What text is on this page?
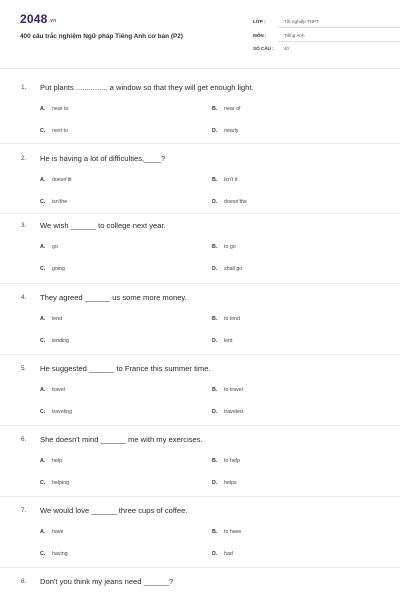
2048.vn
400 câu trắc nghiệm Ngữ pháp Tiếng Anh cơ bản (P2)
LỚP :	Tốt nghiệp THPT
MÔN :	Tiếng Anh
SỐ CÂU : 40
1. Put plants ............... a window so that they will get enough light.
A. near to	B. near of
C. next to	D. nearly
2. He is having a lot of difficulties,____?
A. doesn'tit	B. isn't it
C. isn'the	D. doesn'the
3. We wish ______ to college next year.
A. go	B. to go
C. going	D. shall go
4. They agreed ______ us some more money.
A. lend	B. to lend
C. lending	D. lent
5. He suggested ______ to France this summer time.
A. travel	B. to travel
C. traveling	D. traveled
6. She doesn't mind ______ me with my exercises.
A. help	B. to help
C. helping	D. helps
7. We would love ______ three cups of coffee.
A. have	B. to have
C. having	D. had
8. Don't you think my jeans need ______?
